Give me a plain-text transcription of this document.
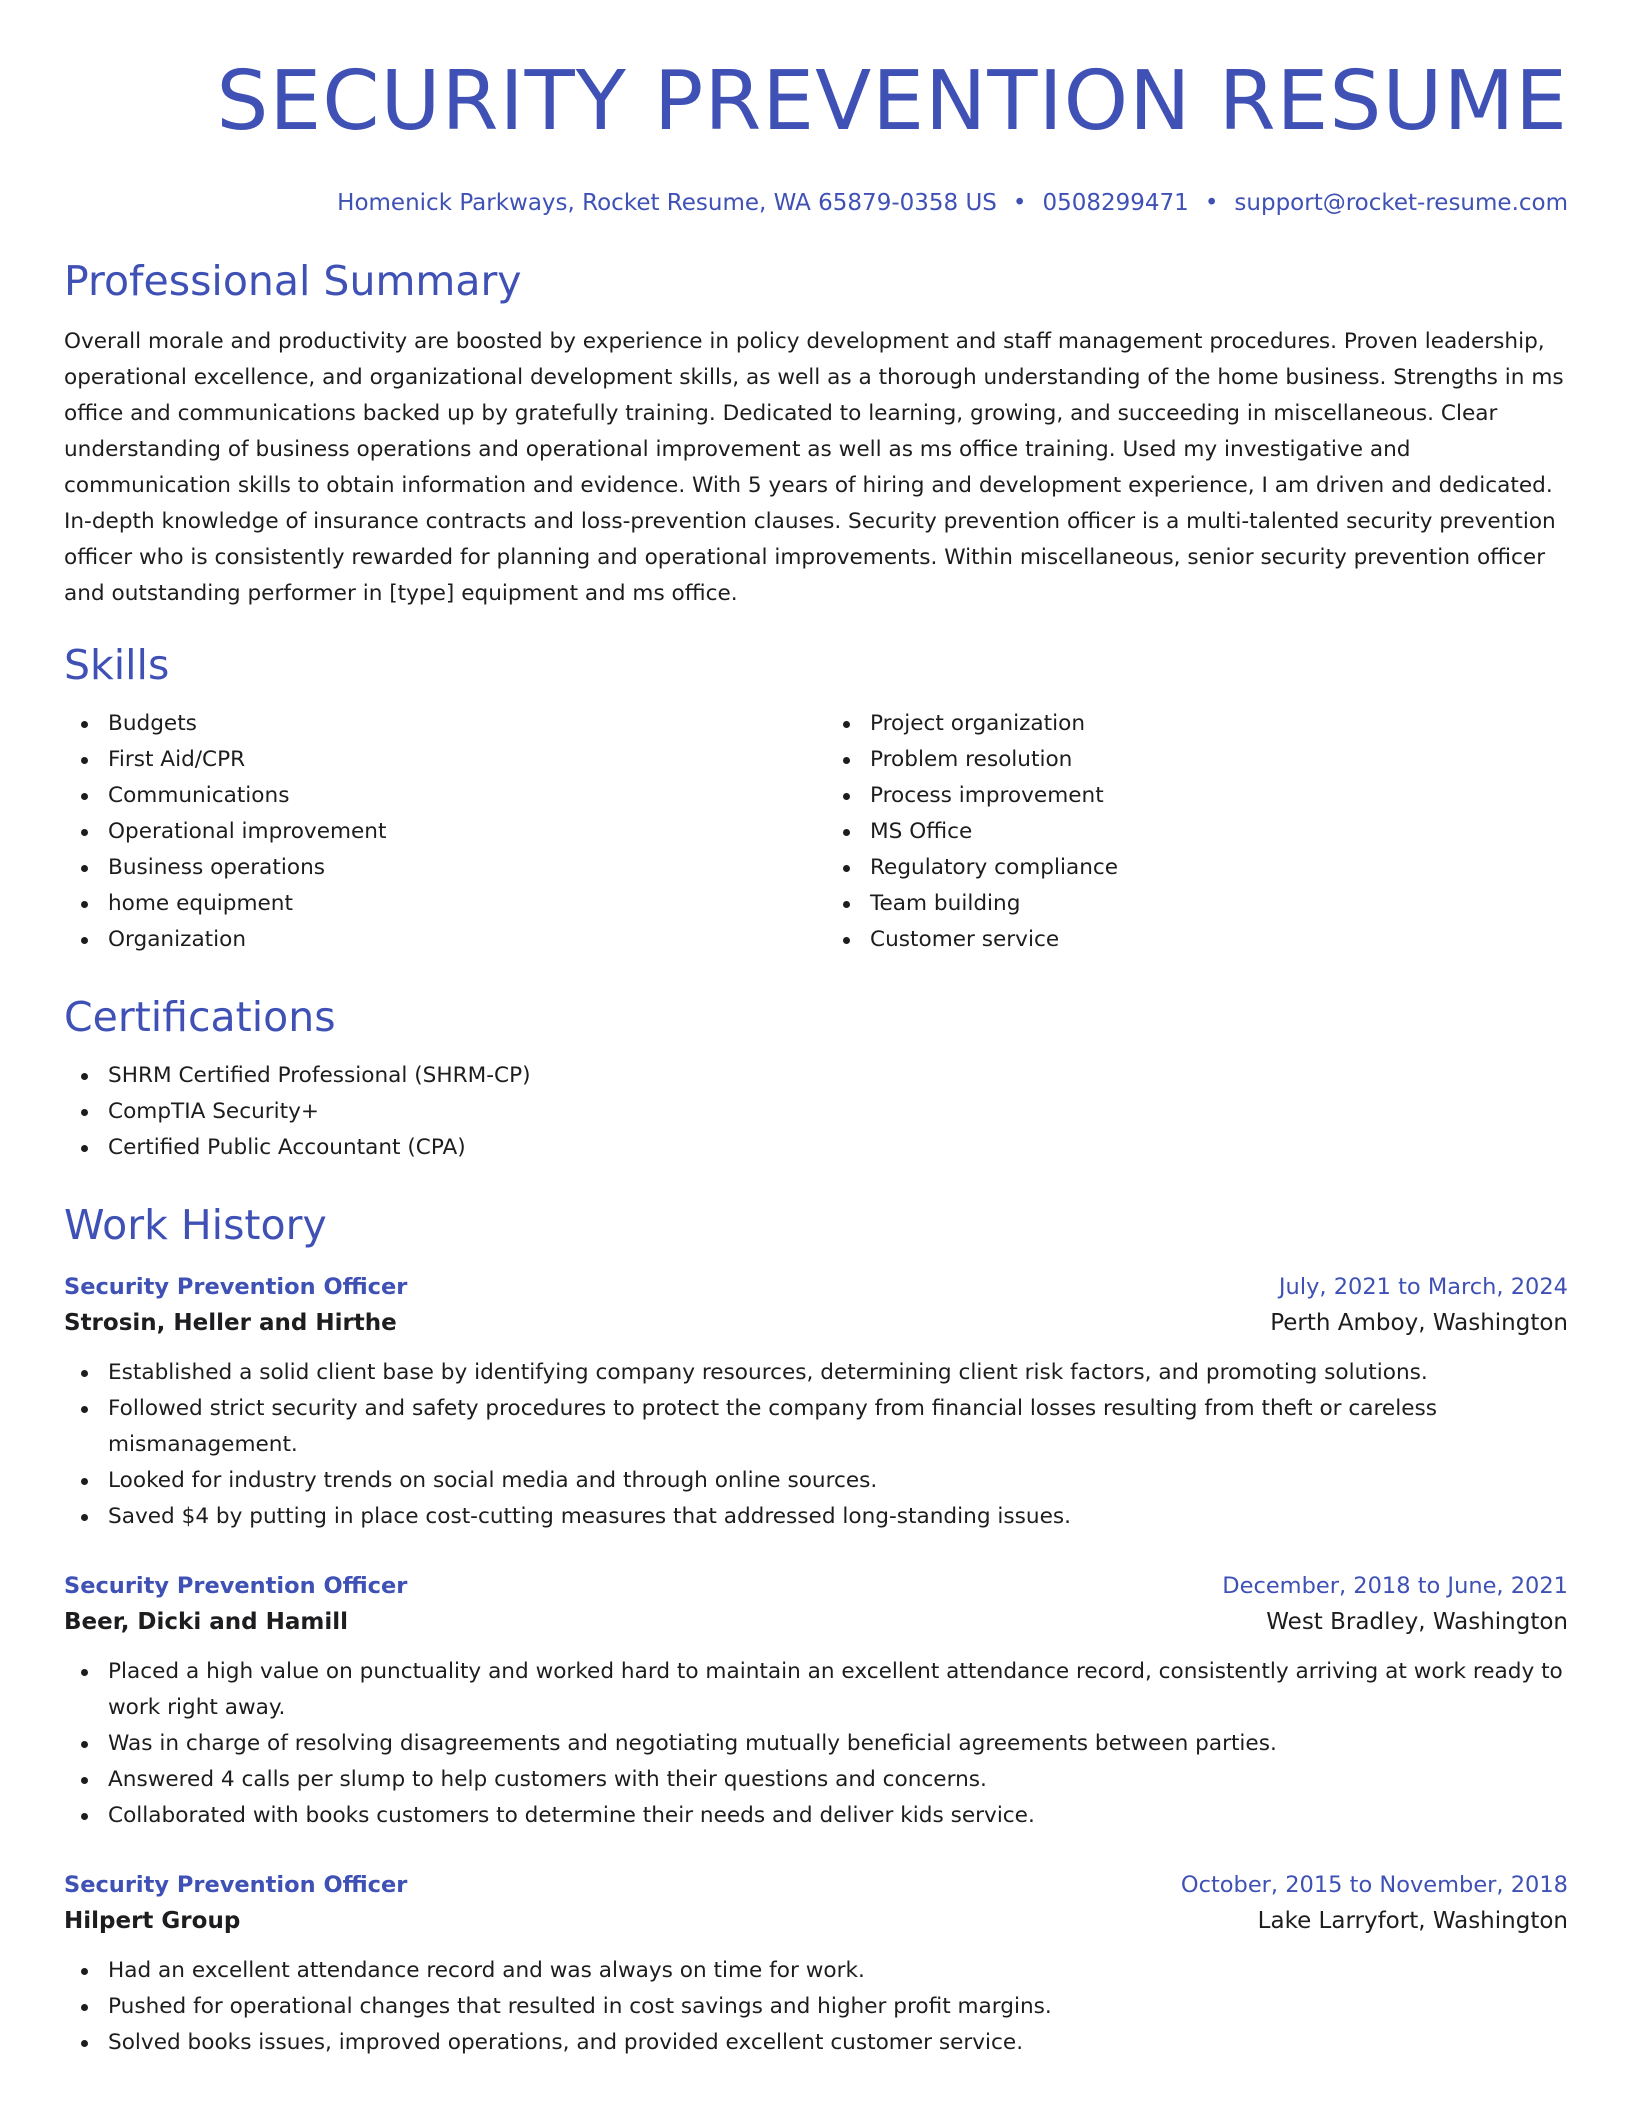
SECURITY PREVENTION RESUME
Homenick Parkways, Rocket Resume, WA 65879-0358 US • 0508299471 • support@rocket-resume.com
Professional Summary

Overall morale and productivity are boosted by experience in policy development and staff management procedures. Proven leadership, operational excellence, and organizational development skills, as well as a thorough understanding of the home business. Strengths in ms office and communications backed up by gratefully training. Dedicated to learning, growing, and succeeding in miscellaneous. Clear understanding of business operations and operational improvement as well as ms office training. Used my investigative and communication skills to obtain information and evidence. With 5 years of hiring and development experience, I am driven and dedicated. In-depth knowledge of insurance contracts and loss-prevention clauses. Security prevention officer is a multi-talented security prevention officer who is consistently rewarded for planning and operational improvements. Within miscellaneous, senior security prevention officer and outstanding performer in [type] equipment and ms office.

Skills
Budgets
First Aid/CPR
Communications
Operational improvement
Business operations
home equipment
Organization
Project organization
Problem resolution
Process improvement
MS Office
Regulatory compliance
Team building
Customer service
Certifications
SHRM Certified Professional (SHRM-CP)
CompTIA Security+
Certified Public Accountant (CPA)
Work History
Security Prevention Officer	July, 2021 to March, 2024
Strosin, Heller and Hirthe	Perth Amboy, Washington
Established a solid client base by identifying company resources, determining client risk factors, and promoting solutions.
Followed strict security and safety procedures to protect the company from financial losses resulting from theft or careless mismanagement.
Looked for industry trends on social media and through online sources.
Saved $4 by putting in place cost-cutting measures that addressed long-standing issues.
Security Prevention Officer	December, 2018 to June, 2021
Beer, Dicki and Hamill	West Bradley, Washington
Placed a high value on punctuality and worked hard to maintain an excellent attendance record, consistently arriving at work ready to work right away.
Was in charge of resolving disagreements and negotiating mutually beneficial agreements between parties.
Answered 4 calls per slump to help customers with their questions and concerns.
Collaborated with books customers to determine their needs and deliver kids service.
Security Prevention Officer	October, 2015 to November, 2018
Hilpert Group	Lake Larryfort, Washington
Had an excellent attendance record and was always on time for work.
Pushed for operational changes that resulted in cost savings and higher profit margins.
Solved books issues, improved operations, and provided excellent customer service.
